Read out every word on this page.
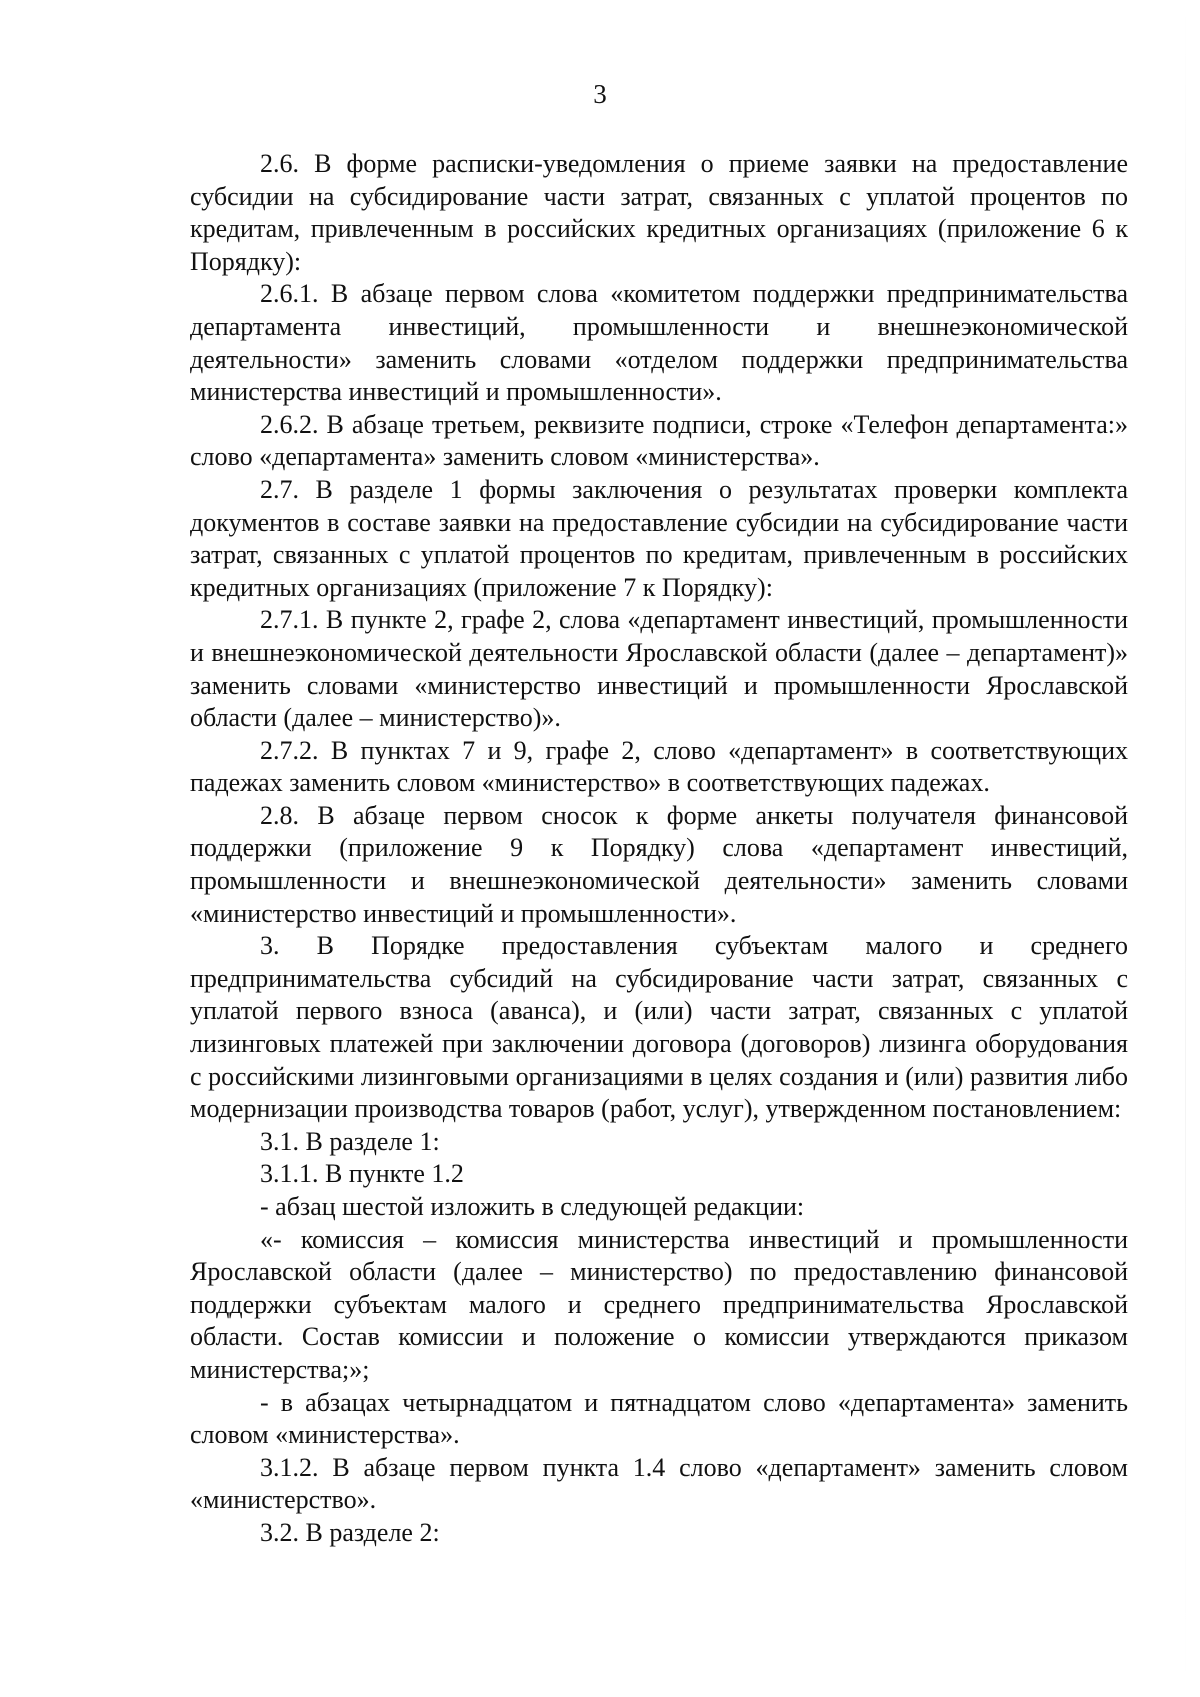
3

2.6. В форме расписки-уведомления о приеме заявки на предоставление субсидии на субсидирование части затрат, связанных с уплатой процентов по кредитам, привлеченным в российских кредитных организациях (приложение 6 к Порядку):

2.6.1. В абзаце первом слова «комитетом поддержки предпринимательства департамента инвестиций, промышленности и внешнеэкономической деятельности» заменить словами «отделом поддержки предпринимательства министерства инвестиций и промышленности».

2.6.2. В абзаце третьем, реквизите подписи, строке «Телефон департамента:» слово «департамента» заменить словом «министерства».

2.7. В разделе 1 формы заключения о результатах проверки комплекта документов в составе заявки на предоставление субсидии на субсидирование части затрат, связанных с уплатой процентов по кредитам, привлеченным в российских кредитных организациях (приложение 7 к Порядку):

2.7.1. В пункте 2, графе 2, слова «департамент инвестиций, промышленности и внешнеэкономической деятельности Ярославской области (далее – департамент)» заменить словами «министерство инвестиций и промышленности Ярославской области (далее – министерство)».

2.7.2. В пунктах 7 и 9, графе 2, слово «департамент» в соответствующих падежах заменить словом «министерство» в соответствующих падежах.

2.8. В абзаце первом сносок к форме анкеты получателя финансовой поддержки (приложение 9 к Порядку) слова «департамент инвестиций, промышленности и внешнеэкономической деятельности» заменить словами «министерство инвестиций и промышленности».

3. В Порядке предоставления субъектам малого и среднего предпринимательства субсидий на субсидирование части затрат, связанных с уплатой первого взноса (аванса), и (или) части затрат, связанных с уплатой лизинговых платежей при заключении договора (договоров) лизинга оборудования с российскими лизинговыми организациями в целях создания и (или) развития либо модернизации производства товаров (работ, услуг), утвержденном постановлением:

3.1. В разделе 1:

3.1.1. В пункте 1.2

- абзац шестой изложить в следующей редакции:

«- комиссия – комиссия министерства инвестиций и промышленности Ярославской области (далее – министерство) по предоставлению финансовой поддержки субъектам малого и среднего предпринимательства Ярославской области. Состав комиссии и положение о комиссии утверждаются приказом министерства;»;

- в абзацах четырнадцатом и пятнадцатом слово «департамента» заменить словом «министерства».

3.1.2. В абзаце первом пункта 1.4 слово «департамент» заменить словом «министерство».

3.2. В разделе 2:
